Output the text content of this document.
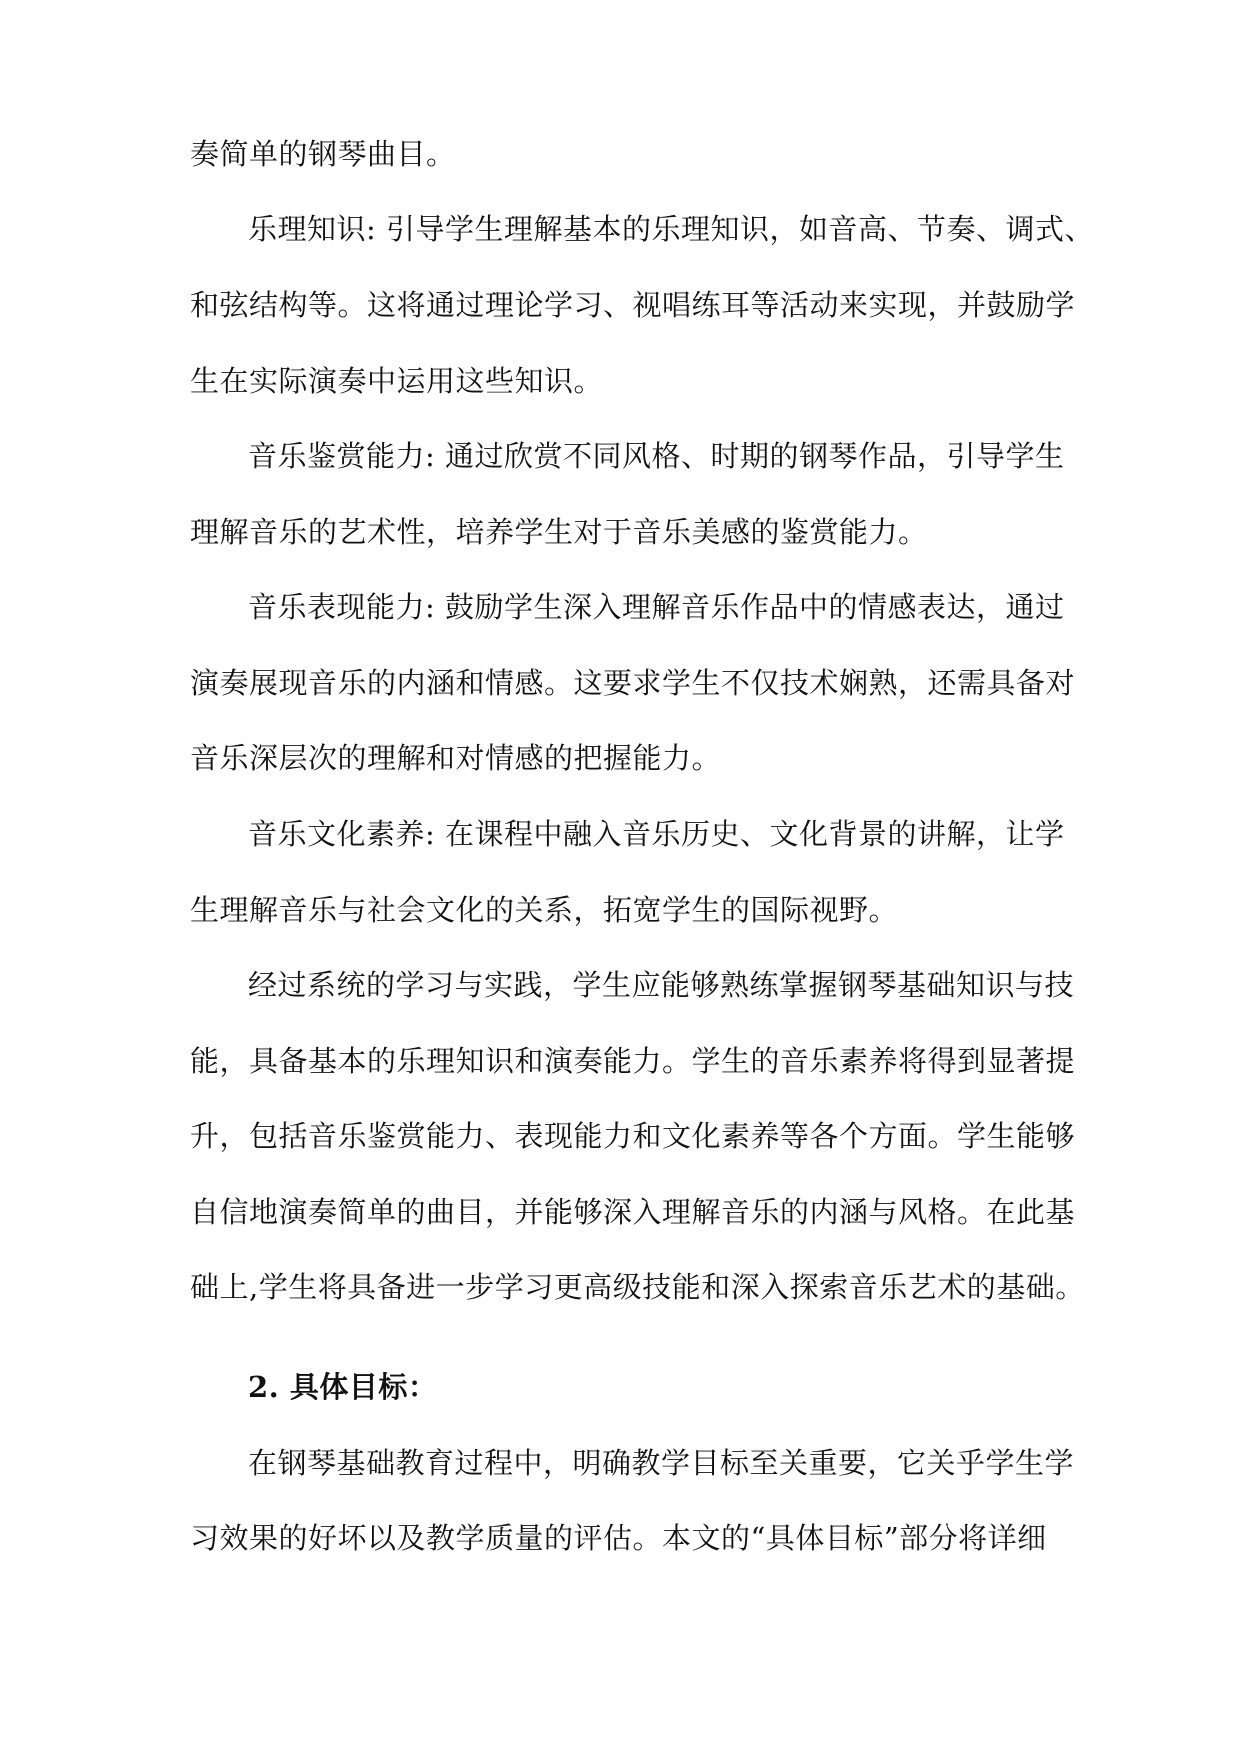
奏简单的钢琴曲目。
乐理知识: 引导学生理解基本的乐理知识，如音高、节奏、调式、
和弦结构等。这将通过理论学习、视唱练耳等活动来实现，并鼓励学
生在实际演奏中运用这些知识。
音乐鉴赏能力: 通过欣赏不同风格、时期的钢琴作品，引导学生
理解音乐的艺术性，培养学生对于音乐美感的鉴赏能力。
音乐表现能力: 鼓励学生深入理解音乐作品中的情感表达，通过
演奏展现音乐的内涵和情感。这要求学生不仅技术娴熟，还需具备对
音乐深层次的理解和对情感的把握能力。
音乐文化素养: 在课程中融入音乐历史、文化背景的讲解，让学
生理解音乐与社会文化的关系，拓宽学生的国际视野。
经过系统的学习与实践，学生应能够熟练掌握钢琴基础知识与技
能，具备基本的乐理知识和演奏能力。学生的音乐素养将得到显著提
升，包括音乐鉴赏能力、表现能力和文化素养等各个方面。学生能够
自信地演奏简单的曲目，并能够深入理解音乐的内涵与风格。在此基
础上,学生将具备进一步学习更高级技能和深入探索音乐艺术的基础。
2. 具体目标：
在钢琴基础教育过程中，明确教学目标至关重要，它关乎学生学
习效果的好坏以及教学质量的评估。本文的“具体目标”部分将详细
